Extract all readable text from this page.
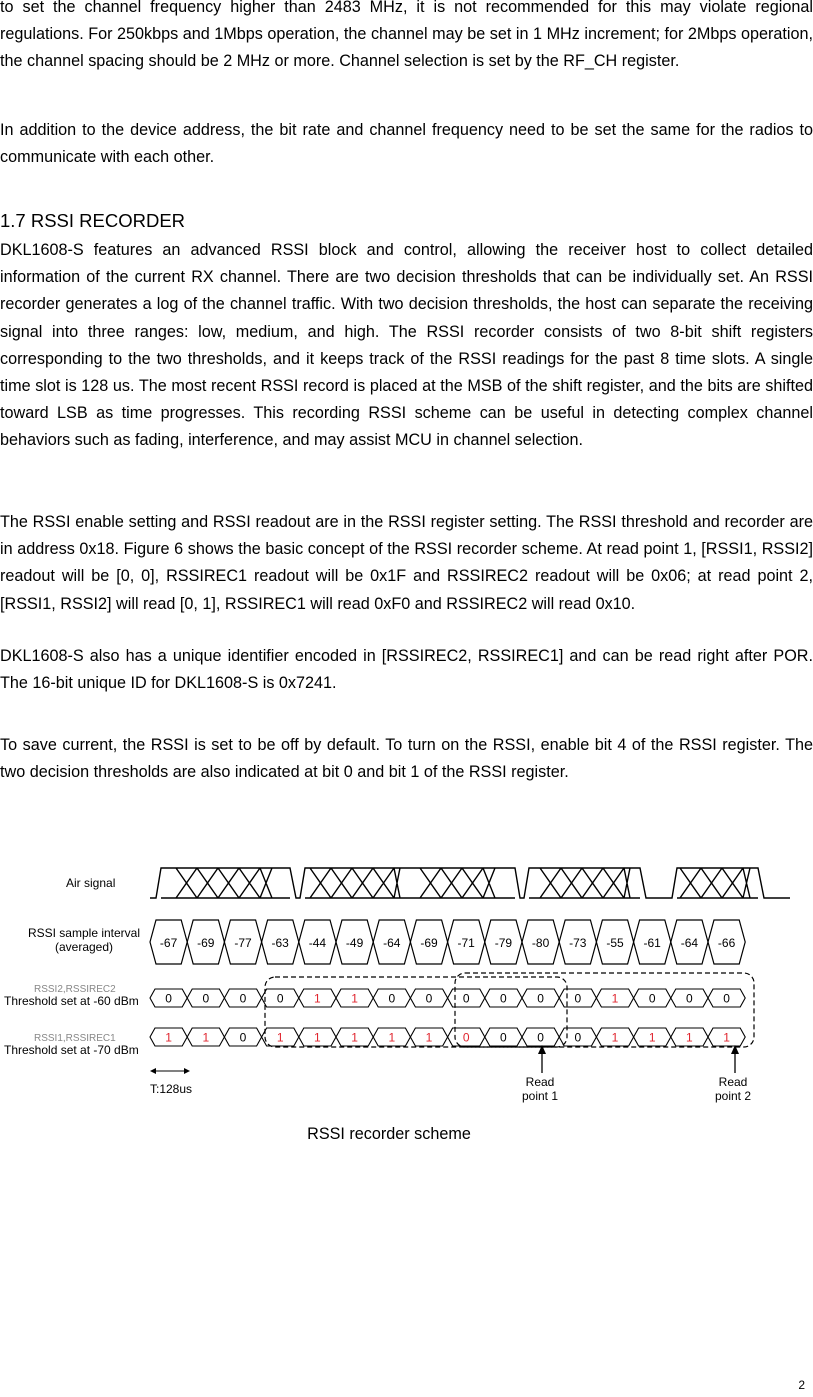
to set the channel frequency higher than 2483 MHz, it is not recommended for this may violate regional regulations. For 250kbps and 1Mbps operation, the channel may be set in 1 MHz increment; for 2Mbps operation, the channel spacing should be 2 MHz or more. Channel selection is set by the RF_CH register.

In addition to the device address, the bit rate and channel frequency need to be set the same for the radios to communicate with each other.

1.7 RSSI RECORDER

DKL1608-S features an advanced RSSI block and control, allowing the receiver host to collect detailed information of the current RX channel. There are two decision thresholds that can be individually set. An RSSI recorder generates a log of the channel traffic. With two decision thresholds, the host can separate the receiving signal into three ranges: low, medium, and high. The RSSI recorder consists of two 8-bit shift registers corresponding to the two thresholds, and it keeps track of the RSSI readings for the past 8 time slots. A single time slot is 128 us. The most recent RSSI record is placed at the MSB of the shift register, and the bits are shifted toward LSB as time progresses. This recording RSSI scheme can be useful in detecting complex channel behaviors such as fading, interference, and may assist MCU in channel selection.

The RSSI enable setting and RSSI readout are in the RSSI register setting. The RSSI threshold and recorder are in address 0x18. Figure 6 shows the basic concept of the RSSI recorder scheme. At read point 1, [RSSI1, RSSI2] readout will be [0, 0], RSSIREC1 readout will be 0x1F and RSSIREC2 readout will be 0x06; at read point 2, [RSSI1, RSSI2] will read [0, 1], RSSIREC1 will read 0xF0 and RSSIREC2 will read 0x10.

DKL1608-S also has a unique identifier encoded in [RSSIREC2, RSSIREC1] and can be read right after POR. The 16-bit unique ID for DKL1608-S is 0x7241.

To save current, the RSSI is set to be off by default. To turn on the RSSI, enable bit 4 of the RSSI register. The two decision thresholds are also indicated at bit 0 and bit 1 of the RSSI register.

Air signal
RSSI sample interval
(averaged)	-67 -69 -77 -63 -44 -49 -64 -69 -71 -79 -80 -73 -55 -61 -64 -66
RSSI2,RSSIREC2
Threshold set at -60 dBm 0	0	0	0	1	1	0	0	0	0	0	0	1	0	0	0
RSSI1,RSSIREC1
Threshold set at -70 dBm
1	1	0	1	1	1	1	1	0	0	0	0	1	1	1	1
T:128us	Read
point 1
Read
point 2
RSSI recorder scheme
2
